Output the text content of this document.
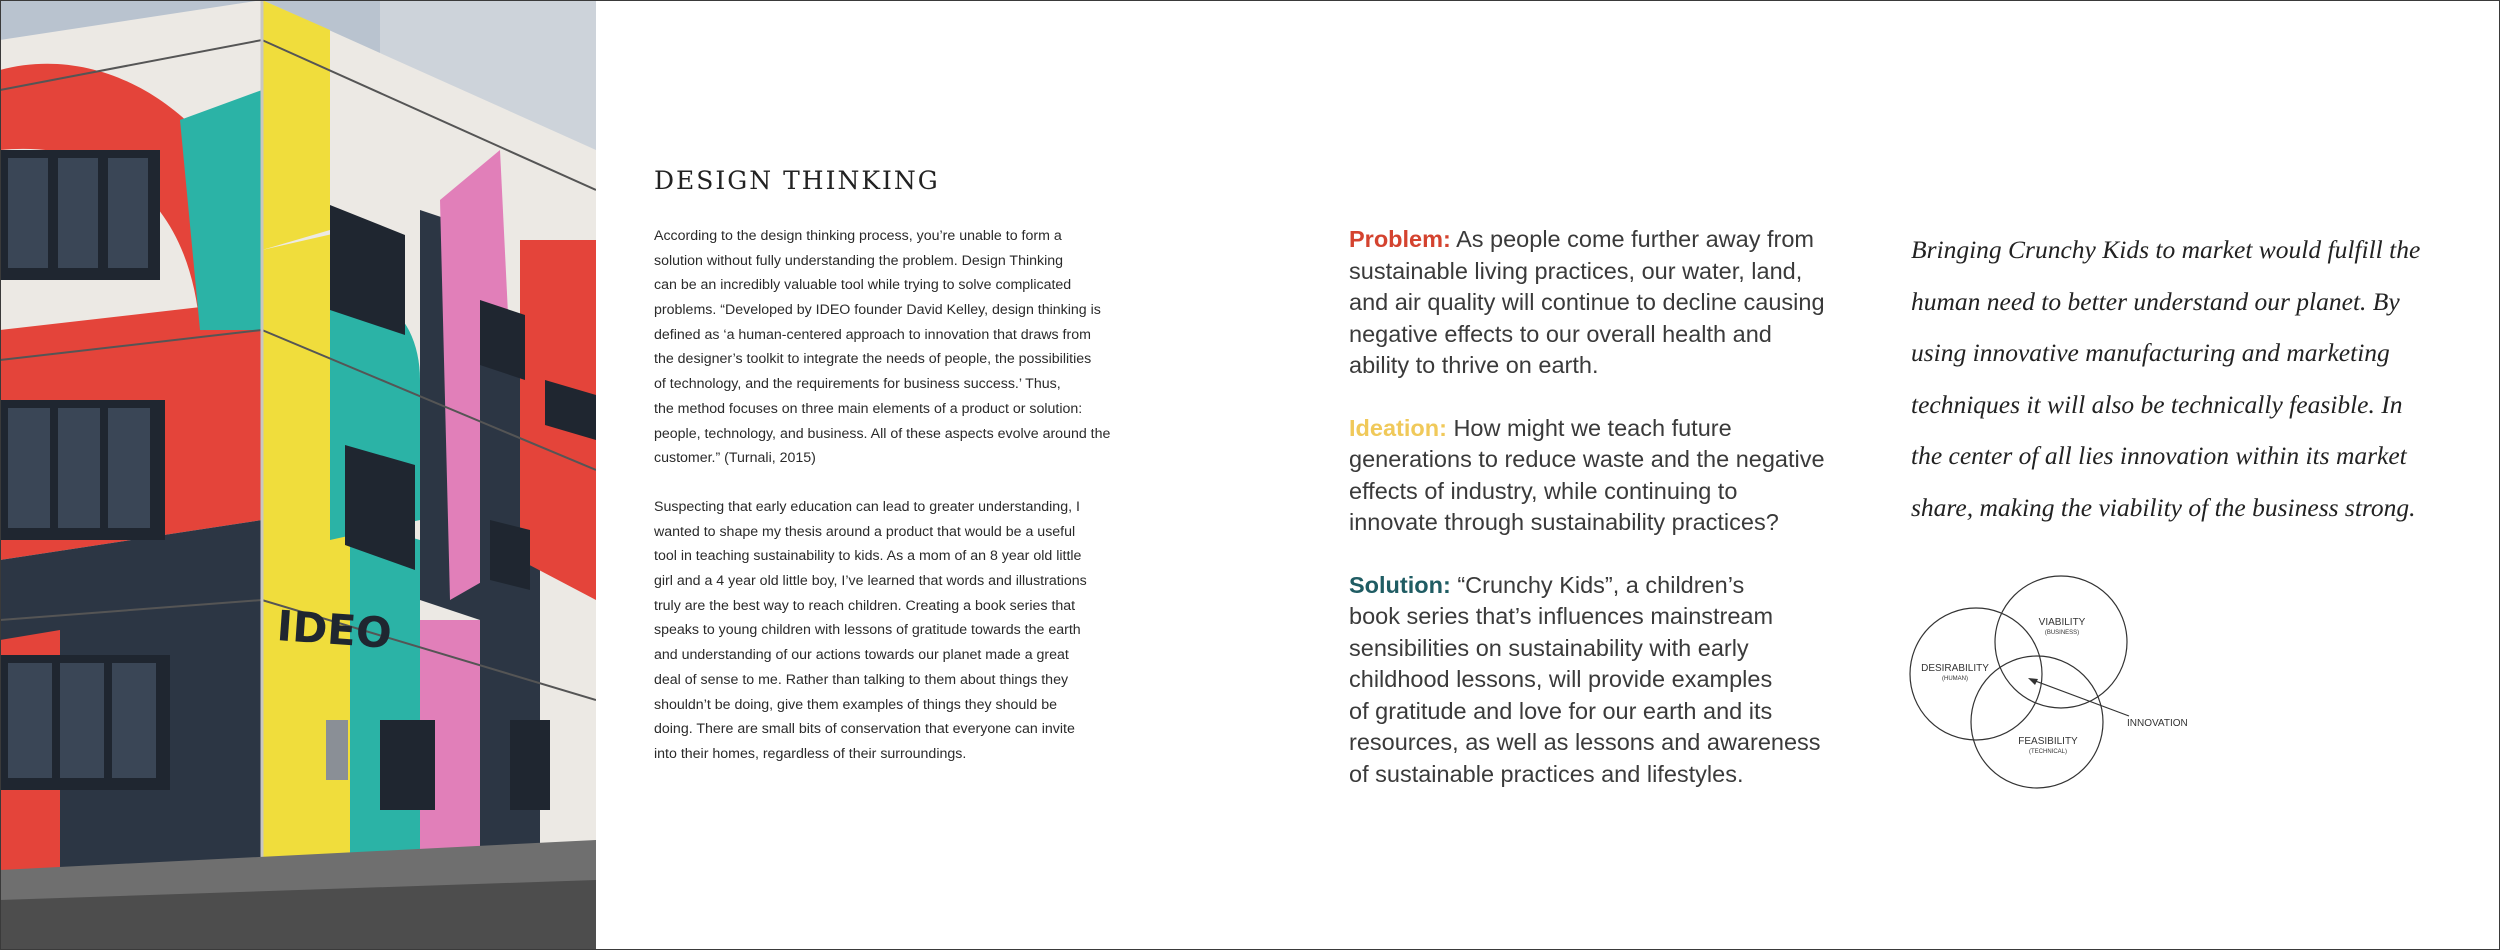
IDEO
DESIGN THINKING
According to the design thinking process, you’re unable to form a
solution without fully understanding the problem. Design Thinking
can be an incredibly valuable tool while trying to solve complicated
problems. “Developed by IDEO founder David Kelley, design thinking is
defined as ‘a human-centered approach to innovation that draws from
the designer’s toolkit to integrate the needs of people, the possibilities
of technology, and the requirements for business success.’ Thus,
the method focuses on three main elements of a product or solution:
people, technology, and business. All of these aspects evolve around the
customer.” (Turnali, 2015)
Suspecting that early education can lead to greater understanding, I
wanted to shape my thesis around a product that would be a useful
tool in teaching sustainability to kids. As a mom of an 8 year old little
girl and a 4 year old little boy, I’ve learned that words and illustrations
truly are the best way to reach children. Creating a book series that
speaks to young children with lessons of gratitude towards the earth
and understanding of our actions towards our planet made a great
deal of sense to me. Rather than talking to them about things they
shouldn’t be doing, give them examples of things they should be
doing. There are small bits of conservation that everyone can invite
into their homes, regardless of their surroundings.
Problem: As people come further away from
sustainable living practices, our water, land,
and air quality will continue to decline causing
negative effects to our overall health and
ability to thrive on earth.
Ideation: How might we teach future
generations to reduce waste and the negative
effects of industry, while continuing to
innovate through sustainability practices?
Solution: “Crunchy Kids”, a children’s
book series that’s influences mainstream
sensibilities on sustainability with early
childhood lessons, will provide examples
of gratitude and love for our earth and its
resources, as well as lessons and awareness
of sustainable practices and lifestyles.
Bringing Crunchy Kids to market would fulfill the
human need to better understand our planet. By
using innovative manufacturing and marketing
techniques it will also be technically feasible. In
the center of all lies innovation within its market
share, making the viability of the business strong.
VIABILITY
(BUSINESS)
DESIRABILITY
(HUMAN)
FEASIBILITY
(TECHNICAL)
INNOVATION
